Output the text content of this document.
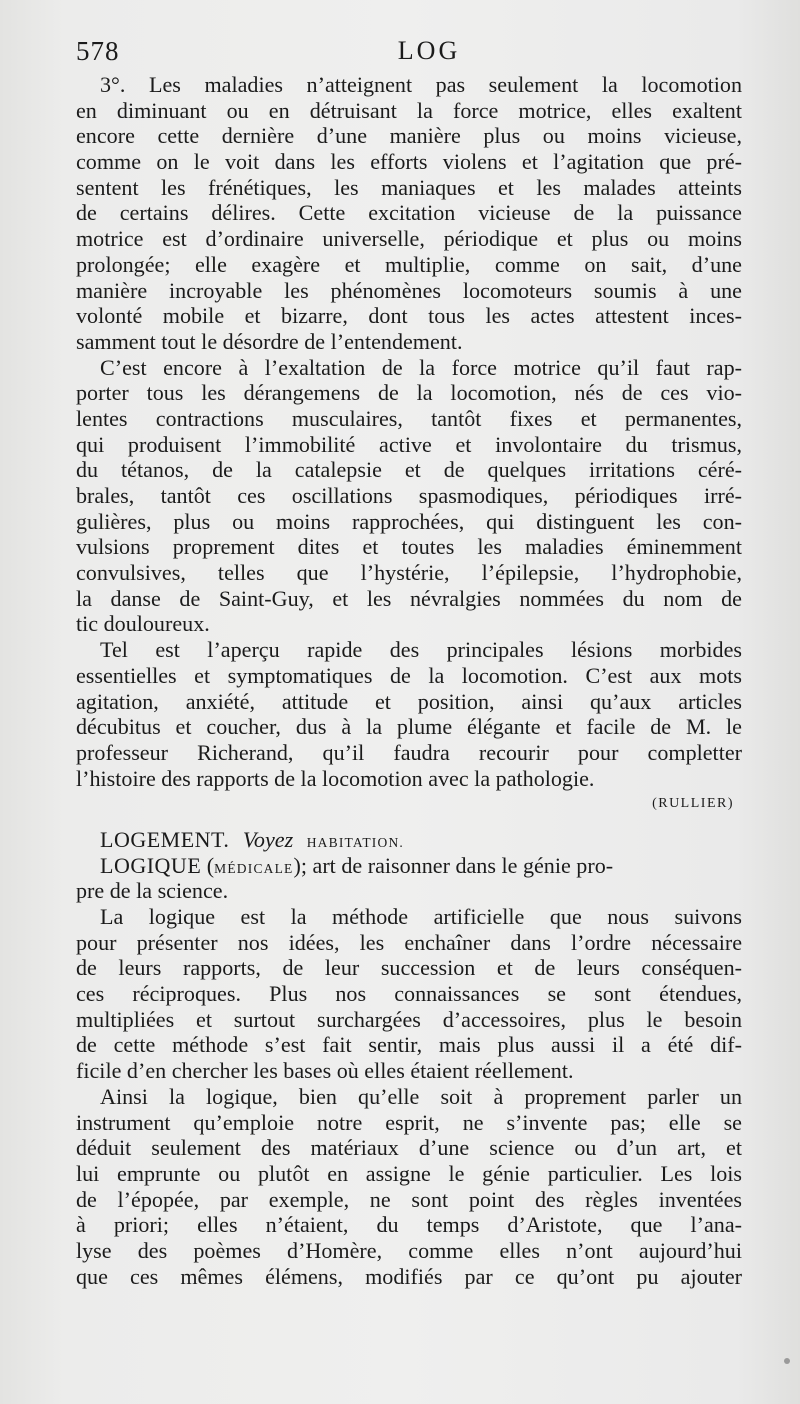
578	LOG
3°. Les maladies n’atteignent pas seulement la locomotion
en diminuant ou en détruisant la force motrice, elles exaltent
encore cette dernière d’une manière plus ou moins vicieuse,
comme on le voit dans les efforts violens et l’agitation que pré-
sentent les frénétiques, les maniaques et les malades atteints
de certains délires. Cette excitation vicieuse de la puissance
motrice est d’ordinaire universelle, périodique et plus ou moins
prolongée; elle exagère et multiplie, comme on sait, d’une
manière incroyable les phénomènes locomoteurs soumis à une
volonté mobile et bizarre, dont tous les actes attestent inces-
samment tout le désordre de l’entendement.
C’est encore à l’exaltation de la force motrice qu’il faut rap-
porter tous les dérangemens de la locomotion, nés de ces vio-
lentes contractions musculaires, tantôt fixes et permanentes,
qui produisent l’immobilité active et involontaire du trismus,
du tétanos, de la catalepsie et de quelques irritations céré-
brales, tantôt ces oscillations spasmodiques, périodiques irré-
gulières, plus ou moins rapprochées, qui distinguent les con-
vulsions proprement dites et toutes les maladies éminemment
convulsives, telles que l’hystérie, l’épilepsie, l’hydrophobie,
la danse de Saint-Guy, et les névralgies nommées du nom de
tic douloureux.
Tel est l’aperçu rapide des principales lésions morbides
essentielles et symptomatiques de la locomotion. C’est aux mots
agitation, anxiété, attitude et position, ainsi qu’aux articles
décubitus et coucher, dus à la plume élégante et facile de M. le
professeur Richerand, qu’il faudra recourir pour completter
l’histoire des rapports de la locomotion avec la pathologie.
(RULLIER)
LOGEMENT. Voyez HABITATION.
LOGIQUE (MÉDICALE); art de raisonner dans le génie pro-
pre de la science.
La logique est la méthode artificielle que nous suivons
pour présenter nos idées, les enchaîner dans l’ordre nécessaire
de leurs rapports, de leur succession et de leurs conséquen-
ces réciproques. Plus nos connaissances se sont étendues,
multipliées et surtout surchargées d’accessoires, plus le besoin
de cette méthode s’est fait sentir, mais plus aussi il a été dif-
ficile d’en chercher les bases où elles étaient réellement.
Ainsi la logique, bien qu’elle soit à proprement parler un
instrument qu’emploie notre esprit, ne s’invente pas; elle se
déduit seulement des matériaux d’une science ou d’un art, et
lui emprunte ou plutôt en assigne le génie particulier. Les lois
de l’épopée, par exemple, ne sont point des règles inventées
à priori; elles n’étaient, du temps d’Aristote, que l’ana-
lyse des poèmes d’Homère, comme elles n’ont aujourd’hui
que ces mêmes élémens, modifiés par ce qu’ont pu ajouter
